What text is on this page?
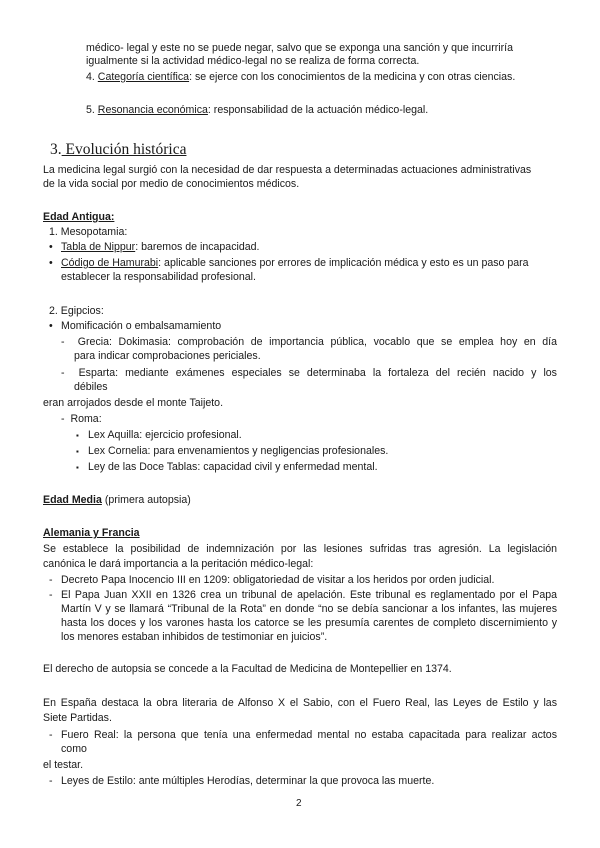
médico- legal y este no se puede negar, salvo que se exponga una sanción y que incurriría

igualmente si la actividad médico-legal no se realiza de forma correcta.

4. Categoría científica: se ejerce con los conocimientos de la medicina y con otras ciencias.

5. Resonancia económica: responsabilidad de la actuación médico-legal.

3. Evolución histórica

La medicina legal surgió con la necesidad de dar respuesta a determinadas actuaciones administrativas

de la vida social por medio de conocimientos médicos.

Edad Antigua:

1. Mesopotamia:

• Tabla de Nippur: baremos de incapacidad.

• Código de Hamurabi: aplicable sanciones por errores de implicación médica y esto es un paso para

establecer la responsabilidad profesional.

2. Egipcios:

• Momificación o embalsamamiento

-  Grecia: Dokimasia: comprobación de importancia pública, vocablo que se emplea hoy en día

para indicar comprobaciones periciales.

-  Esparta: mediante exámenes especiales se determinaba la fortaleza del recién nacido y los

débiles

eran arrojados desde el monte Taijeto.

-  Roma:

▪ Lex Aquilla: ejercicio profesional.

▪ Lex Cornelia: para envenamientos y negligencias profesionales.

▪ Ley de las Doce Tablas: capacidad civil y enfermedad mental.

Edad Media (primera autopsia)

Alemania y Francia

Se establece la posibilidad de indemnización por las lesiones sufridas tras agresión. La legislación

canónica le dará importancia a la peritación médico-legal:

- Decreto Papa Inocencio III en 1209: obligatoriedad de visitar a los heridos por orden judicial.

- El Papa Juan XXII en 1326 crea un tribunal de apelación. Este tribunal es reglamentado por el Papa

Martín V y se llamará “Tribunal de la Rota” en donde “no se debía sancionar a los infantes, las mujeres

hasta los doces y los varones hasta los catorce se les presumía carentes de completo discernimiento y

los menores estaban inhibidos de testimoniar en juicios”.

El derecho de autopsia se concede a la Facultad de Medicina de Montepellier en 1374.

En España destaca la obra literaria de Alfonso X el Sabio, con el Fuero Real, las Leyes de Estilo y las

Siete Partidas.

- Fuero Real: la persona que tenía una enfermedad mental no estaba capacitada para realizar actos

como

el testar.

- Leyes de Estilo: ante múltiples Herodías, determinar la que provoca las muerte.

2
